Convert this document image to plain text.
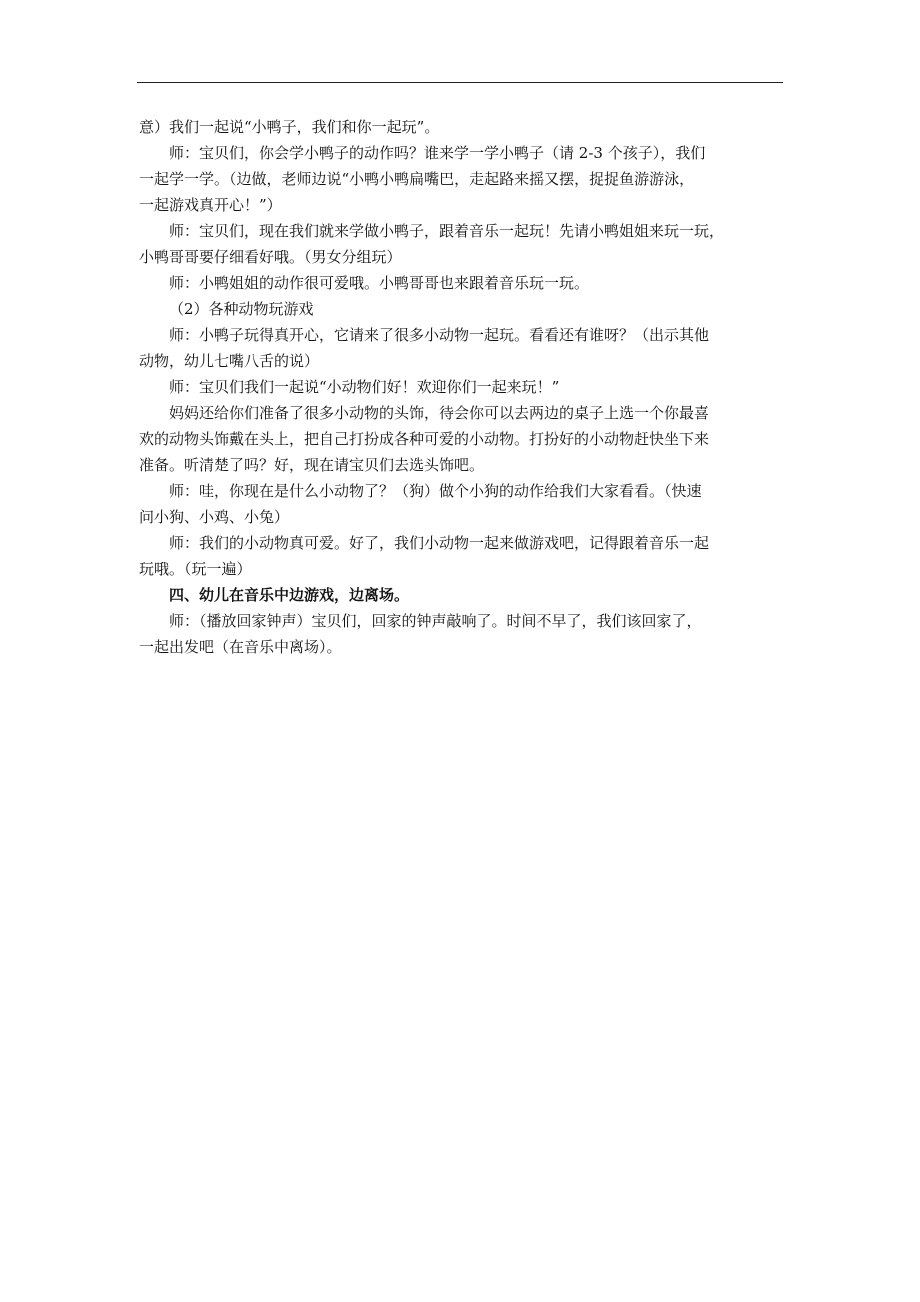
意）我们一起说“小鸭子，我们和你一起玩”。

师：宝贝们，你会学小鸭子的动作吗？谁来学一学小鸭子（请 2-3 个孩子），我们
一起学一学。（边做，老师边说“小鸭小鸭扁嘴巴，走起路来摇又摆，捉捉鱼游游泳，
一起游戏真开心！”）

师：宝贝们，现在我们就来学做小鸭子，跟着音乐一起玩！先请小鸭姐姐来玩一玩，
小鸭哥哥要仔细看好哦。（男女分组玩）

师：小鸭姐姐的动作很可爱哦。小鸭哥哥也来跟着音乐玩一玩。

（2）各种动物玩游戏

师：小鸭子玩得真开心，它请来了很多小动物一起玩。看看还有谁呀？（出示其他
动物，幼儿七嘴八舌的说）

师：宝贝们我们一起说“小动物们好！欢迎你们一起来玩！”

妈妈还给你们准备了很多小动物的头饰，待会你可以去两边的桌子上选一个你最喜
欢的动物头饰戴在头上，把自己打扮成各种可爱的小动物。打扮好的小动物赶快坐下来
准备。听清楚了吗？好，现在请宝贝们去选头饰吧。

师：哇，你现在是什么小动物了？（狗）做个小狗的动作给我们大家看看。（快速
问小狗、小鸡、小兔）

师：我们的小动物真可爱。好了，我们小动物一起来做游戏吧，记得跟着音乐一起
玩哦。（玩一遍）

四、幼儿在音乐中边游戏，边离场。

师：（播放回家钟声）宝贝们，回家的钟声敲响了。时间不早了，我们该回家了，
一起出发吧（在音乐中离场）。
